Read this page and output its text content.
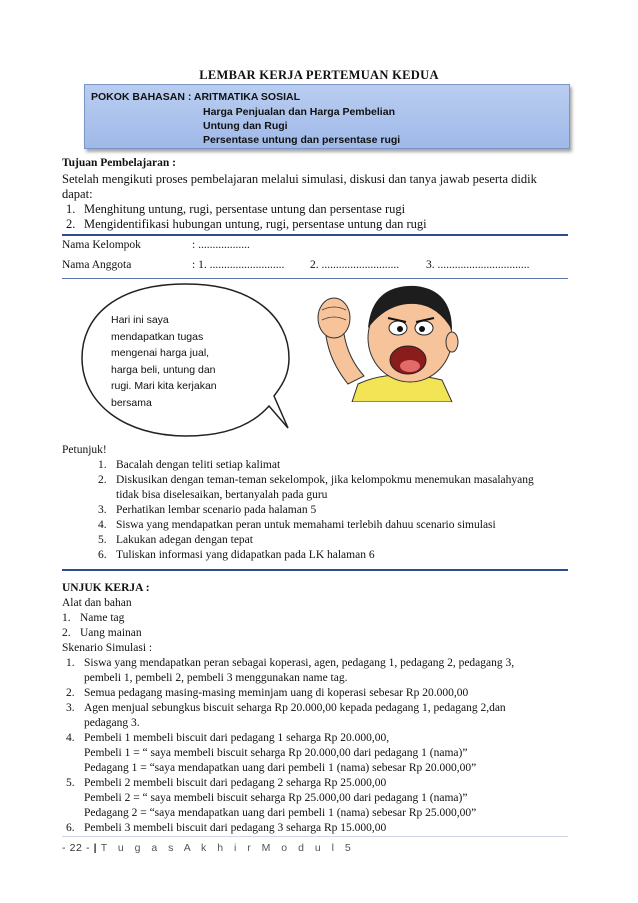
LEMBAR KERJA PERTEMUAN KEDUA
POKOK BAHASAN : ARITMATIKA SOSIAL
Harga Penjualan dan Harga Pembelian
Untung dan Rugi
Persentase untung dan persentase rugi
Tujuan Pembelajaran :
Setelah mengikuti proses pembelajaran melalui simulasi, diskusi dan tanya jawab peserta didik
dapat:
1. Menghitung untung, rugi, persentase untung dan persentase rugi
2. Mengidentifikasi hubungan untung, rugi, persentase untung dan rugi
Nama Kelompok	: ..................
Nama Anggota	: 1. .......................... 2. ........................... 3. ................................
Hari ini saya
mendapatkan tugas
mengenai harga jual,
harga beli, untung dan
rugi. Mari kita kerjakan
bersama
Petunjuk!
1. Bacalah dengan teliti setiap kalimat
2. Diskusikan dengan teman-teman sekelompok, jika kelompokmu menemukan masalahyang
tidak bisa diselesaikan, bertanyalah pada guru
3. Perhatikan lembar scenario pada halaman 5
4. Siswa yang mendapatkan peran untuk memahami terlebih dahuu scenario simulasi
5. Lakukan adegan dengan tepat
6. Tuliskan informasi yang didapatkan pada LK halaman 6
UNJUK KERJA :
Alat dan bahan
1. Name tag
2. Uang mainan
Skenario Simulasi :
1. Siswa yang mendapatkan peran sebagai koperasi, agen, pedagang 1, pedagang 2, pedagang 3,
pembeli 1, pembeli 2, pembeli 3 menggunakan name tag.
2. Semua pedagang masing-masing meminjam uang di koperasi sebesar Rp 20.000,00
3. Agen menjual sebungkus biscuit seharga Rp 20.000,00 kepada pedagang 1, pedagang 2,dan
pedagang 3.
4. Pembeli 1 membeli biscuit dari pedagang 1 seharga Rp 20.000,00,
Pembeli 1 = “ saya membeli biscuit seharga Rp 20.000,00 dari pedagang 1 (nama)”
Pedagang 1 = “saya mendapatkan uang dari pembeli 1 (nama) sebesar Rp 20.000,00”
5. Pembeli 2 membeli biscuit dari pedagang 2 seharga Rp 25.000,00
Pembeli 2 = “ saya membeli biscuit seharga Rp 25.000,00 dari pedagang 1 (nama)”
Pedagang 2 = “saya mendapatkan uang dari pembeli 1 (nama) sebesar Rp 25.000,00”
6. Pembeli 3 membeli biscuit dari pedagang 3 seharga Rp 15.000,00
- 22 - | T u g a s A k h i r M o d u l 5
